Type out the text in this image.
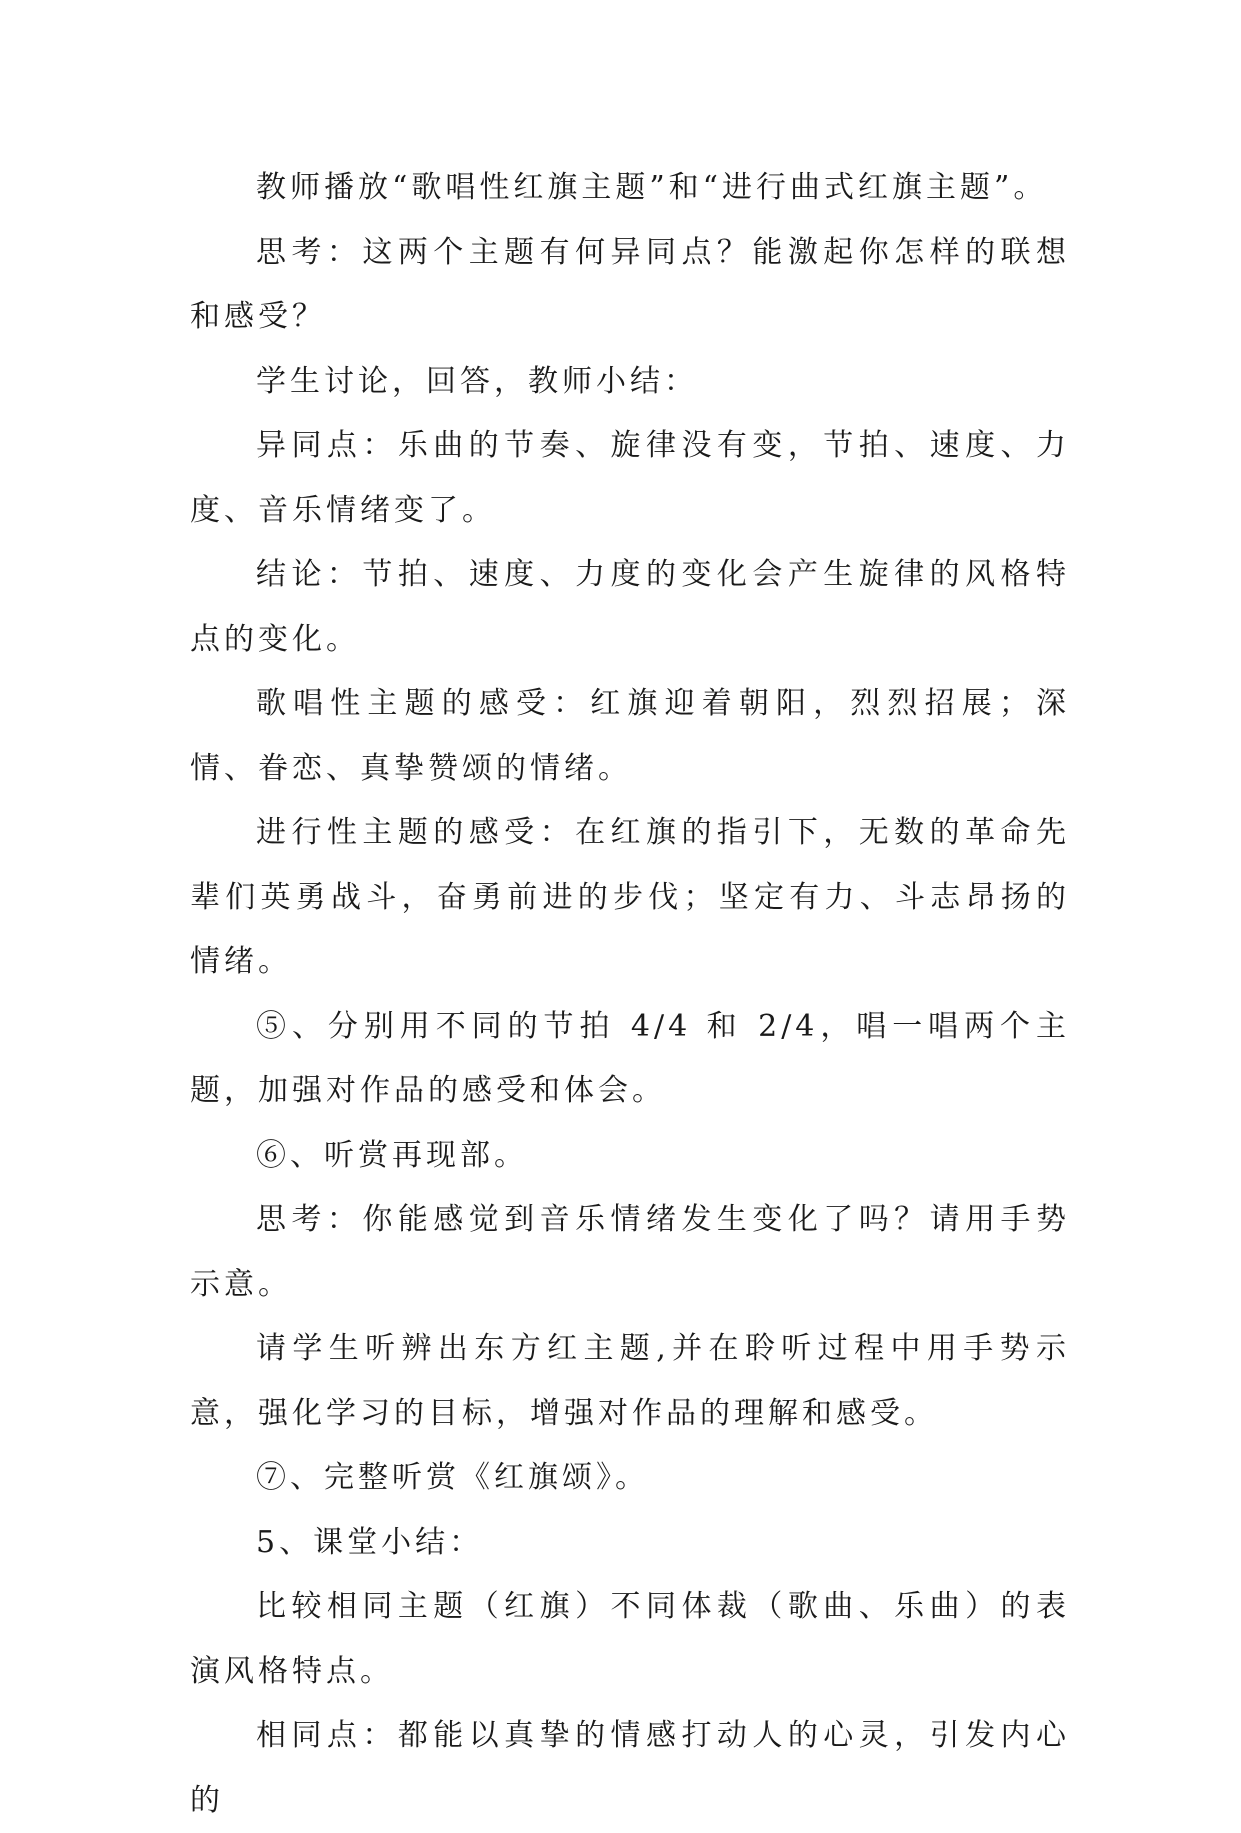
教师播放“歌唱性红旗主题”和“进行曲式红旗主题”。

思考：这两个主题有何异同点？能激起你怎样的联想和感受？

学生讨论，回答，教师小结：

异同点：乐曲的节奏、旋律没有变，节拍、速度、力度、音乐情绪变了。

结论：节拍、速度、力度的变化会产生旋律的风格特点的变化。

歌唱性主题的感受：红旗迎着朝阳，烈烈招展；深情、眷恋、真挚赞颂的情绪。

进行性主题的感受：在红旗的指引下，无数的革命先辈们英勇战斗，奋勇前进的步伐；坚定有力、斗志昂扬的情绪。

⑤、分别用不同的节拍 4/4 和 2/4，唱一唱两个主题，加强对作品的感受和体会。

⑥、听赏再现部。

思考：你能感觉到音乐情绪发生变化了吗？请用手势示意。

请学生听辨出东方红主题,并在聆听过程中用手势示意，强化学习的目标，增强对作品的理解和感受。

⑦、完整听赏《红旗颂》。

5、课堂小结：

比较相同主题（红旗）不同体裁（歌曲、乐曲）的表演风格特点。

相同点：都能以真挚的情感打动人的心灵，引发内心的
